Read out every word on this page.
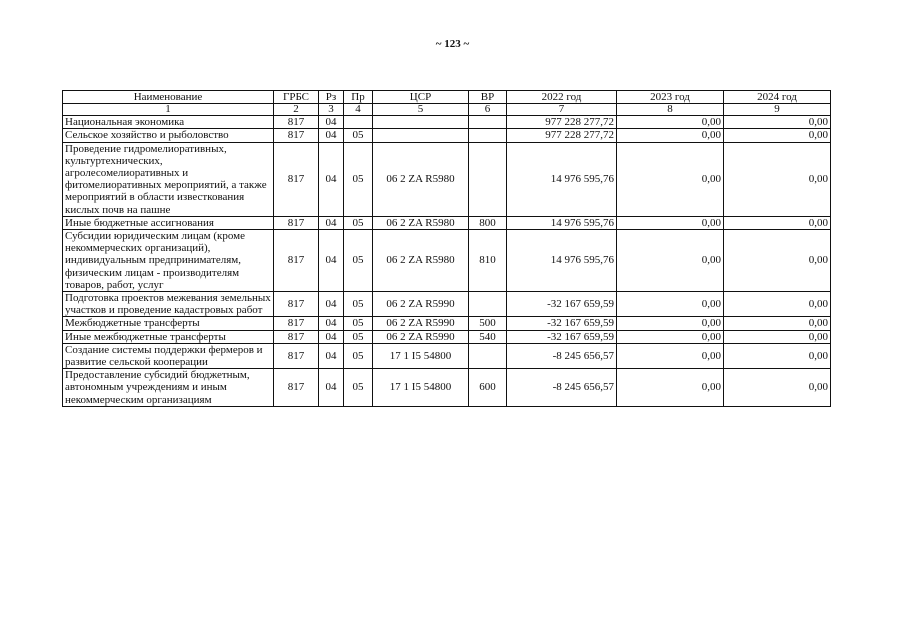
~ 123 ~
Наименование	ГРБС	Рз	Пр	ЦСР	ВР	2022 год	2023 год	2024 год
1	2	3	4	5	6	7	8	9
Национальная экономика	817	04				977 228 277,72	0,00	0,00
Сельское хозяйство и рыболовство	817	04	05			977 228 277,72	0,00	0,00
Проведение гидромелиоративных, культуртехнических, агролесомелиоративных и фитомелиоративных мероприятий, а также мероприятий в области известкования кислых почв на пашне	817	04	05	06 2 ZA R5980		14 976 595,76	0,00	0,00
Иные бюджетные ассигнования	817	04	05	06 2 ZA R5980	800	14 976 595,76	0,00	0,00
Субсидии юридическим лицам (кроме некоммерческих организаций), индивидуальным предпринимателям, физическим лицам - производителям товаров, работ, услуг	817	04	05	06 2 ZA R5980	810	14 976 595,76	0,00	0,00
Подготовка проектов межевания земельных участков и проведение кадастровых работ	817	04	05	06 2 ZA R5990		-32 167 659,59	0,00	0,00
Межбюджетные трансферты	817	04	05	06 2 ZA R5990	500	-32 167 659,59	0,00	0,00
Иные межбюджетные трансферты	817	04	05	06 2 ZA R5990	540	-32 167 659,59	0,00	0,00
Создание системы поддержки фермеров и развитие сельской кооперации	817	04	05	17 1 I5 54800		-8 245 656,57	0,00	0,00
Предоставление субсидий бюджетным, автономным учреждениям и иным некоммерческим организациям	817	04	05	17 1 I5 54800	600	-8 245 656,57	0,00	0,00
